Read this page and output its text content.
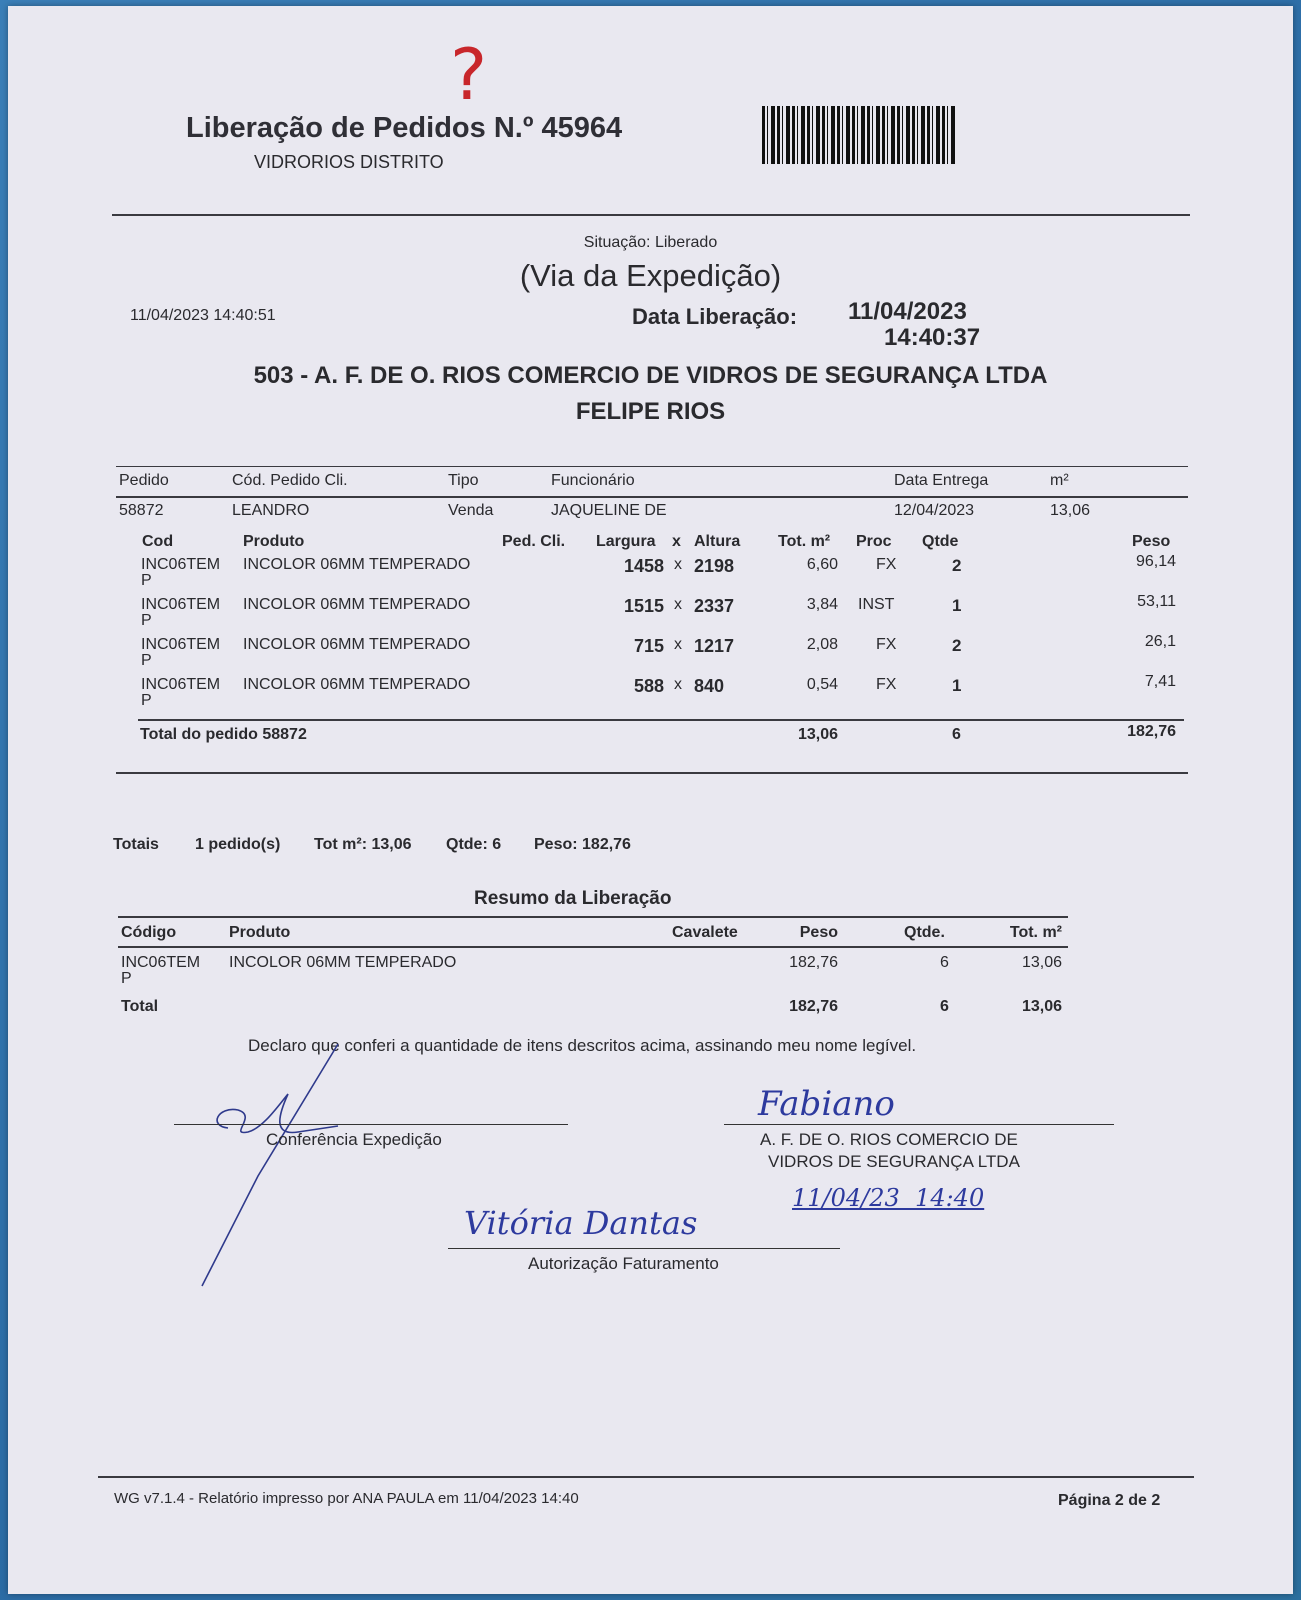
?
Liberação de Pedidos N.º 45964
VIDRORIOS DISTRITO
Situação: Liberado
(Via da Expedição)
11/04/2023 14:40:51	Data Liberação: 11/04/2023
14:40:37
503 - A. F. DE O. RIOS COMERCIO DE VIDROS DE SEGURANÇA LTDA
FELIPE RIOS
Pedido	Cód. Pedido Cli.	Tipo	Funcionário	Data Entrega	m²
58872	LEANDRO	Venda	JAQUELINE DE	12/04/2023	13,06
Cod	Produto	Ped. Cli. Largura x Altura Tot. m² Proc Qtde	Peso
INC06TEM
P
INCOLOR 06MM TEMPERADO	1458 x 2198	6,60 FX	2	96,14
INC06TEM
P
INCOLOR 06MM TEMPERADO	1515 x 2337	3,84 INST	1	53,11
INC06TEM
P
INCOLOR 06MM TEMPERADO	715 x 1217	2,08 FX	2	26,1
INC06TEM
P
INCOLOR 06MM TEMPERADO	588 x 840	0,54 FX	1	7,41
Total do pedido 58872	13,06	6	182,76
Totais 1 pedido(s) Tot m²: 13,06 Qtde: 6 Peso: 182,76
Resumo da Liberação
Código	Produto	Cavalete	Peso	Qtde.	Tot. m²
INC06TEM
P
INCOLOR 06MM TEMPERADO	182,76	6	13,06
Total	182,76	6	13,06
Declaro que conferi a quantidade de itens descritos acima, assinando meu nome legível.
Conferência Expedição
Fabiano
A. F. DE O. RIOS COMERCIO DE
VIDROS DE SEGURANÇA LTDA
11/04/23  14:40
Vitória Dantas
Autorização Faturamento
WG v7.1.4 - Relatório impresso por ANA PAULA em 11/04/2023 14:40	Página 2 de 2
